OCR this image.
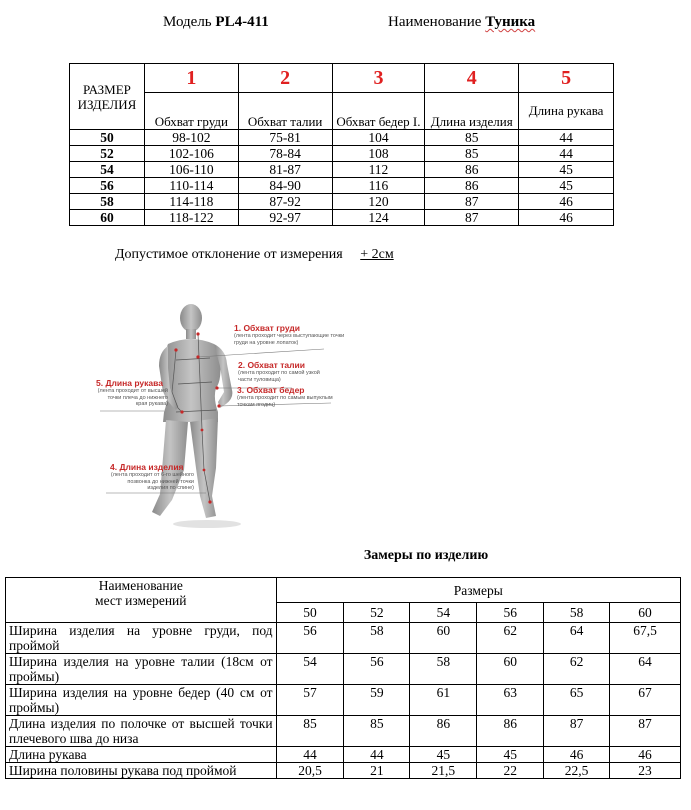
Модель PL4-411	Наименование Туника
РАЗМЕР ИЗДЕЛИЯ	1	2	3	4	5
	Обхват груди	Обхват талии	Обхват бедер I.	Длина изделия	Длина рукава
50	98-102	75-81	104	85	44
52	102-106	78-84	108	85	44
54	106-110	81-87	112	86	45
56	110-114	84-90	116	86	45
58	114-118	87-92	120	87	46
60	118-122	92-97	124	87	46
Допустимое отклонение от измерения + 2см
1. Обхват груди
(лента проходит через выступающие точки груди на уровне лопаток)
2. Обхват талии
(лента проходит по самой узкой части туловища)
3. Обхват бедер
(лента проходит по самым выпуклым точкам ягодиц)
5. Длина рукава
(лента проходит от высшей точки плеча до нижнего края рукава)
4. Длина изделия
(лента проходит от 6-го шейного позвонка до нижней точки изделия по спине)
Замеры по изделию
Наименование
мест измерений	Размеры					
	50	52	54	56	58	60
Ширина изделия на уровне груди, под проймой	56	58	60	62	64	67,5
Ширина изделия на уровне талии (18см от проймы)	54	56	58	60	62	64
Ширина изделия на уровне бедер (40 см от проймы)	57	59	61	63	65	67
Длина изделия по полочке от высшей точки плечевого шва до низа	85	85	86	86	87	87
Длина рукава	44	44	45	45	46	46
Ширина половины рукава под проймой	20,5	21	21,5	22	22,5	23
